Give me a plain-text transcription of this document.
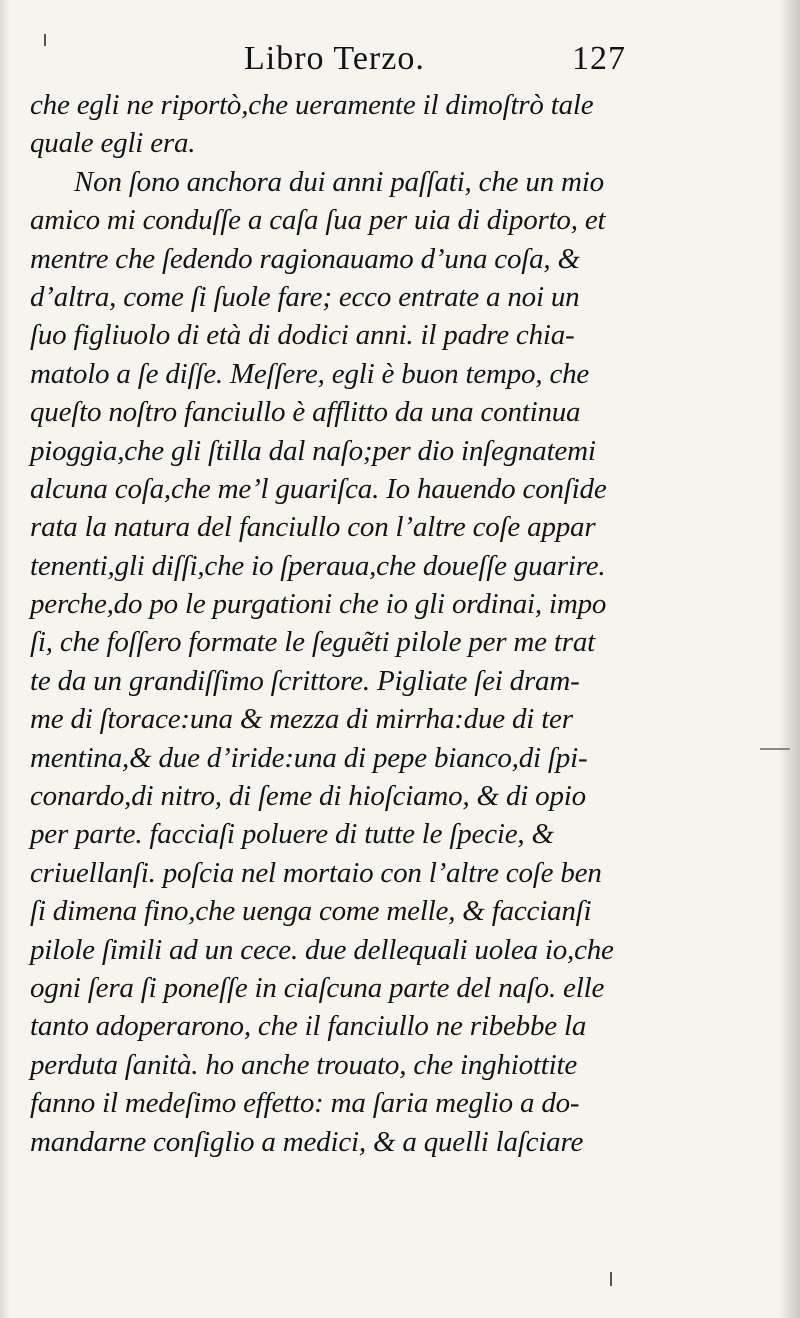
Libro Terzo.	127
che egli ne riportò,che ueramente il dimoſtrò tale
quale egli era.
Non ſono anchora dui anni paſſati, che un mio
amico mi conduſſe a caſa ſua per uia di diporto, et
mentre che ſedendo ragionauamo d’una coſa, &
d’altra, come ſi ſuole fare; ecco entrate a noi un
ſuo figliuolo di età di dodici anni. il padre chia-
matolo a ſe diſſe. Meſſere, egli è buon tempo, che
queſto noſtro fanciullo è afflitto da una continua
pioggia,che gli ſtilla dal naſo;per dio inſegnatemi
alcuna coſa,che me’l guariſca. Io hauendo conſide
rata la natura del fanciullo con l’altre coſe appar
tenenti,gli diſſi,che io ſperaua,che doueſſe guarire.
perche,do po le purgationi che io gli ordinai, impo
ſi, che foſſero formate le ſeguẽti pilole per me trat
te da un grandiſſimo ſcrittore. Pigliate ſei dram-
me di ſtorace:una & mezza di mirrha:due di ter
mentina,& due d’iride:una di pepe bianco,di ſpi-
conardo,di nitro, di ſeme di hioſciamo, & di opio
per parte. facciaſi poluere di tutte le ſpecie, &
criuellanſi. poſcia nel mortaio con l’altre coſe ben
ſi dimena fino,che uenga come melle, & faccianſi
pilole ſimili ad un cece. due dellequali uolea io,che
ogni ſera ſi poneſſe in ciaſcuna parte del naſo. elle
tanto adoperarono, che il fanciullo ne ribebbe la
perduta ſanità. ho anche trouato, che inghiottite
fanno il medeſimo effetto: ma ſaria meglio a do-
mandarne conſiglio a medici, & a quelli laſciare
